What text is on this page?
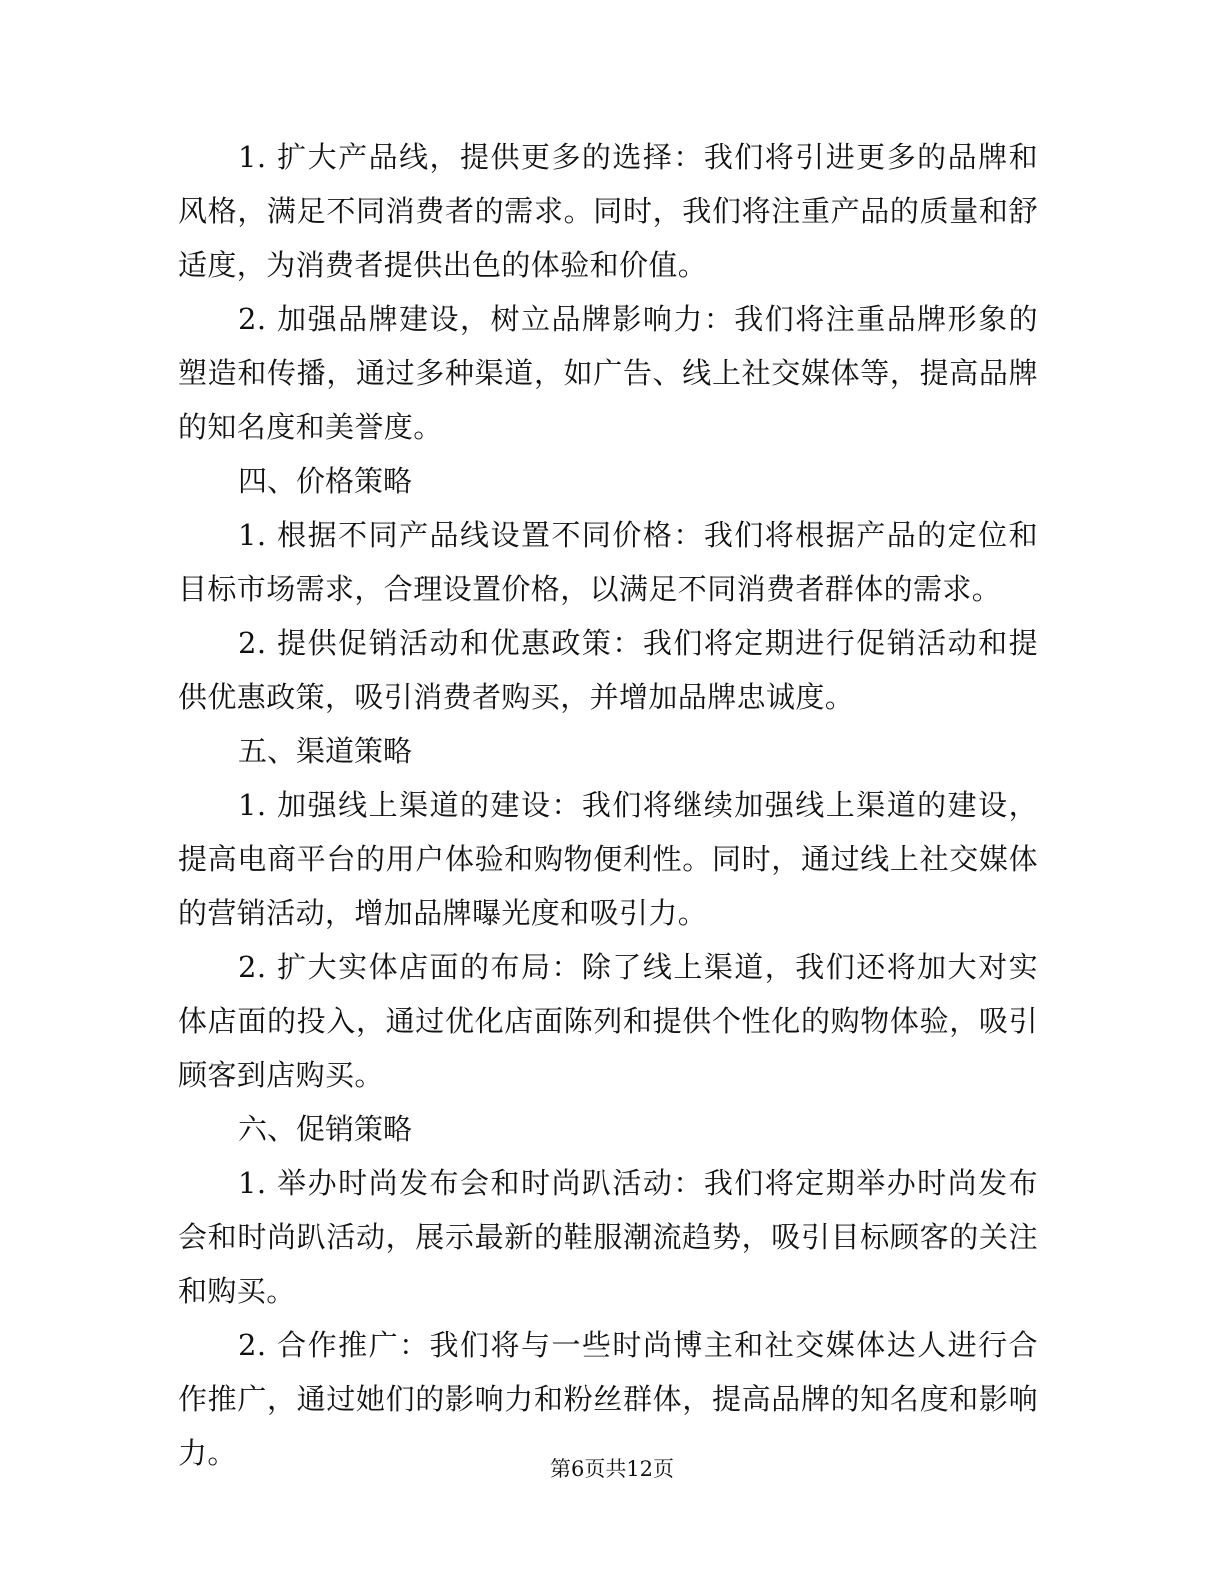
1. 扩大产品线，提供更多的选择：我们将引进更多的品牌和风格，满足不同消费者的需求。同时，我们将注重产品的质量和舒适度，为消费者提供出色的体验和价值。

2. 加强品牌建设，树立品牌影响力：我们将注重品牌形象的塑造和传播，通过多种渠道，如广告、线上社交媒体等，提高品牌的知名度和美誉度。

四、价格策略

1. 根据不同产品线设置不同价格：我们将根据产品的定位和目标市场需求，合理设置价格，以满足不同消费者群体的需求。

2. 提供促销活动和优惠政策：我们将定期进行促销活动和提供优惠政策，吸引消费者购买，并增加品牌忠诚度。

五、渠道策略

1. 加强线上渠道的建设：我们将继续加强线上渠道的建设，提高电商平台的用户体验和购物便利性。同时，通过线上社交媒体的营销活动，增加品牌曝光度和吸引力。

2. 扩大实体店面的布局：除了线上渠道，我们还将加大对实体店面的投入，通过优化店面陈列和提供个性化的购物体验，吸引顾客到店购买。

六、促销策略

1. 举办时尚发布会和时尚趴活动：我们将定期举办时尚发布会和时尚趴活动，展示最新的鞋服潮流趋势，吸引目标顾客的关注和购买。

2. 合作推广：我们将与一些时尚博主和社交媒体达人进行合作推广，通过她们的影响力和粉丝群体，提高品牌的知名度和影响力。	第6页共12页
